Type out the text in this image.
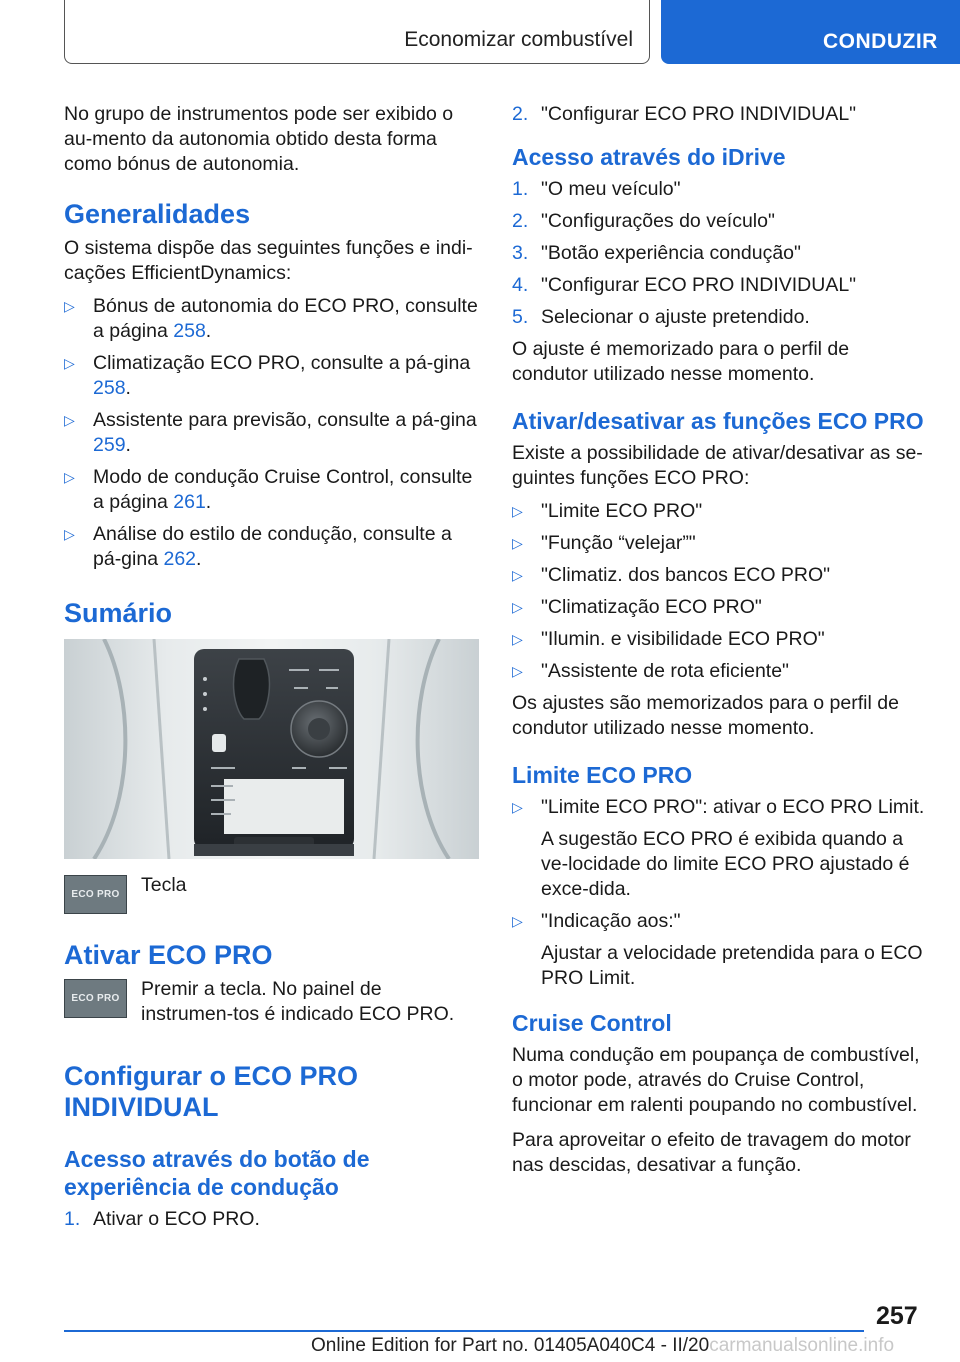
Economizar combustível	CONDUZIR

No grupo de instrumentos pode ser exibido o au-mento da autonomia obtido desta forma como bónus de autonomia.

Generalidades

O sistema dispõe das seguintes funções e indi-cações EfficientDynamics:

▷ Bónus de autonomia do ECO PRO, consulte a página 258.
▷ Climatização ECO PRO, consulte a pá-gina 258.
▷ Assistente para previsão, consulte a pá-gina 259.
▷ Modo de condução Cruise Control, consulte a página 261.
▷ Análise do estilo de condução, consulte a pá-gina 262.
Sumário
ECO PRO Tecla
Ativar ECO PRO
ECO PRO Premir a tecla. No painel de instrumen-tos é indicado ECO PRO.
Configurar o ECO PRO INDIVIDUAL
Acesso através do botão de experiência de condução
1. Ativar o ECO PRO.
2. "Configurar ECO PRO INDIVIDUAL"
Acesso através do iDrive
1. "O meu veículo"
2. "Configurações do veículo"
3. "Botão experiência condução"
4. "Configurar ECO PRO INDIVIDUAL"
5. Selecionar o ajuste pretendido.

O ajuste é memorizado para o perfil de condutor utilizado nesse momento.

Ativar/desativar as funções ECO PRO

Existe a possibilidade de ativar/desativar as se-guintes funções ECO PRO:

▷ "Limite ECO PRO"
▷ "Função “velejar”"
▷ "Climatiz. dos bancos ECO PRO"
▷ "Climatização ECO PRO"
▷ "Ilumin. e visibilidade ECO PRO"
▷ "Assistente de rota eficiente"

Os ajustes são memorizados para o perfil de condutor utilizado nesse momento.

Limite ECO PRO
▷ "Limite ECO PRO": ativar o ECO PRO Limit.
A sugestão ECO PRO é exibida quando a ve-locidade do limite ECO PRO ajustado é exce-dida.
▷ "Indicação aos:"
Ajustar a velocidade pretendida para o ECO PRO Limit.
Cruise Control

Numa condução em poupança de combustível, o motor pode, através do Cruise Control, funcionar em ralenti poupando no combustível.

Para aproveitar o efeito de travagem do motor nas descidas, desativar a função.

257
Online Edition for Part no. 01405A040C4 - II/20carmanualsonline.info
